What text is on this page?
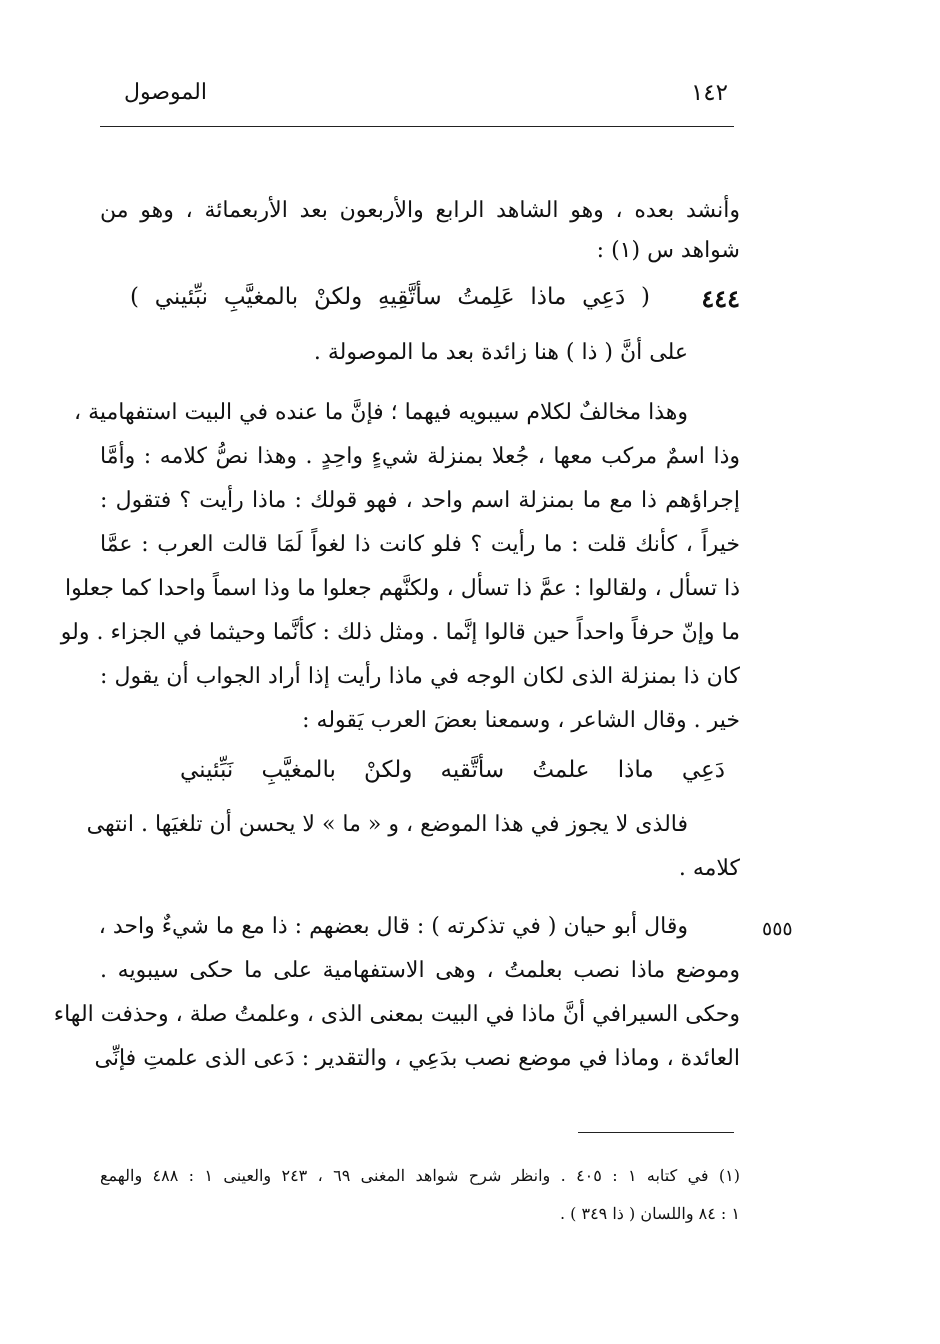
١٤٢
الموصول
وأنشد بعده ، وهو الشاهد الرابع والأربعون بعد الأربعمائة ، وهو من
شواهد س (١) :
٤٤٤
( دَعِي ماذا عَلِمتُ سأتَّقِيهِ ولكنْ بالمغيَّبِ نبِّئيني )
على أنَّ ( ذا ) هنا زائدة بعد ما الموصولة .
وهذا مخالفٌ لكلام سيبويه فيهما ؛ فإنَّ ما عنده في البيت استفهامية ،
وذا اسمٌ مركب معها ، جُعلا بمنزلة شيءٍ واحِدٍ . وهذا نصُّ كلامه : وأمَّا
إجراؤهم ذا مع ما بمنزلة اسم واحد ، فهو قولك : ماذا رأيت ؟ فتقول :
خيراً ، كأنك قلت : ما رأيت ؟ فلو كانت ذا لغواً لَمَا قالت العرب : عمَّا
ذا تسأل ، ولقالوا : عمَّ ذا تسأل ، ولكنَّهم جعلوا ما وذا اسماً واحدا كما جعلوا
ما وإنّ حرفاً واحداً حين قالوا إنَّما . ومثل ذلك : كأنَّما وحيثما في الجزاء . ولو
كان ذا بمنزلة الذى لكان الوجه في ماذا رأيت إذا أراد الجواب أن يقول :
خير . وقال الشاعر ، وسمعنا بعضَ العرب يَقوله :
دَعِي ماذا علمتُ سأتَّقيه ولكنْ بالمغيَّبِ نَبِّئيني
فالذى لا يجوز في هذا الموضع ، و « ما » لا يحسن أن تلغيَها . انتهى
كلامه .
٥٥٥
وقال أبو حيان ( في تذكرته ) : قال بعضهم : ذا مع ما شيءٌ واحد ،
وموضع ماذا نصب بعلمتُ ، وهى الاستفهامية على ما حكى سيبويه .
وحكى السيرافي أنَّ ماذا في البيت بمعنى الذى ، وعلمتُ صلة ، وحذفت الهاء
العائدة ، وماذا في موضع نصب بدَعِي ، والتقدير : دَعى الذى علمتِ فإنِّى
(١) في كتابه ١ : ٤٠٥ . وانظر شرح شواهد المغنى ٦٩ ، ٢٤٣ والعينى ١ : ٤٨٨ والهمع
١ : ٨٤ واللسان ( ذا ٣٤٩ ) .
